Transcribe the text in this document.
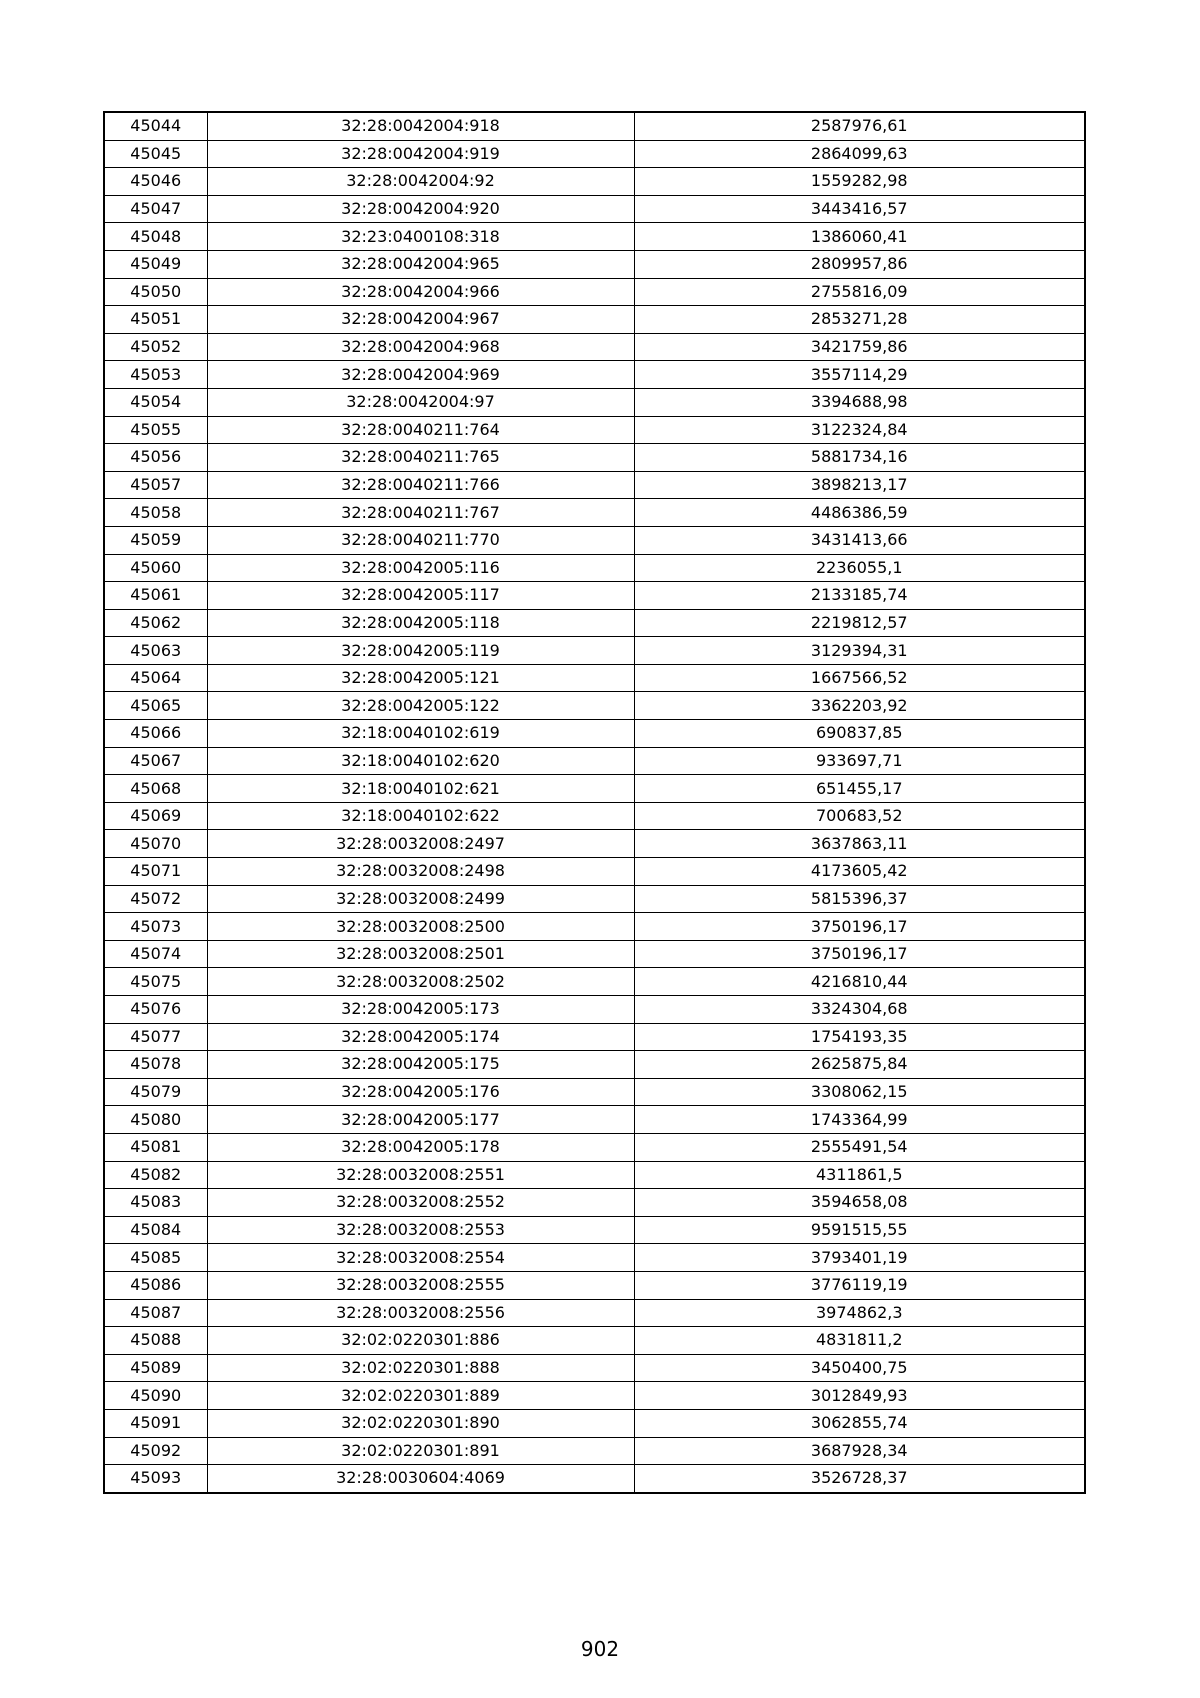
45044	32:28:0042004:918	2587976,61
45045	32:28:0042004:919	2864099,63
45046	32:28:0042004:92	1559282,98
45047	32:28:0042004:920	3443416,57
45048	32:23:0400108:318	1386060,41
45049	32:28:0042004:965	2809957,86
45050	32:28:0042004:966	2755816,09
45051	32:28:0042004:967	2853271,28
45052	32:28:0042004:968	3421759,86
45053	32:28:0042004:969	3557114,29
45054	32:28:0042004:97	3394688,98
45055	32:28:0040211:764	3122324,84
45056	32:28:0040211:765	5881734,16
45057	32:28:0040211:766	3898213,17
45058	32:28:0040211:767	4486386,59
45059	32:28:0040211:770	3431413,66
45060	32:28:0042005:116	2236055,1
45061	32:28:0042005:117	2133185,74
45062	32:28:0042005:118	2219812,57
45063	32:28:0042005:119	3129394,31
45064	32:28:0042005:121	1667566,52
45065	32:28:0042005:122	3362203,92
45066	32:18:0040102:619	690837,85
45067	32:18:0040102:620	933697,71
45068	32:18:0040102:621	651455,17
45069	32:18:0040102:622	700683,52
45070	32:28:0032008:2497	3637863,11
45071	32:28:0032008:2498	4173605,42
45072	32:28:0032008:2499	5815396,37
45073	32:28:0032008:2500	3750196,17
45074	32:28:0032008:2501	3750196,17
45075	32:28:0032008:2502	4216810,44
45076	32:28:0042005:173	3324304,68
45077	32:28:0042005:174	1754193,35
45078	32:28:0042005:175	2625875,84
45079	32:28:0042005:176	3308062,15
45080	32:28:0042005:177	1743364,99
45081	32:28:0042005:178	2555491,54
45082	32:28:0032008:2551	4311861,5
45083	32:28:0032008:2552	3594658,08
45084	32:28:0032008:2553	9591515,55
45085	32:28:0032008:2554	3793401,19
45086	32:28:0032008:2555	3776119,19
45087	32:28:0032008:2556	3974862,3
45088	32:02:0220301:886	4831811,2
45089	32:02:0220301:888	3450400,75
45090	32:02:0220301:889	3012849,93
45091	32:02:0220301:890	3062855,74
45092	32:02:0220301:891	3687928,34
45093	32:28:0030604:4069	3526728,37
902
